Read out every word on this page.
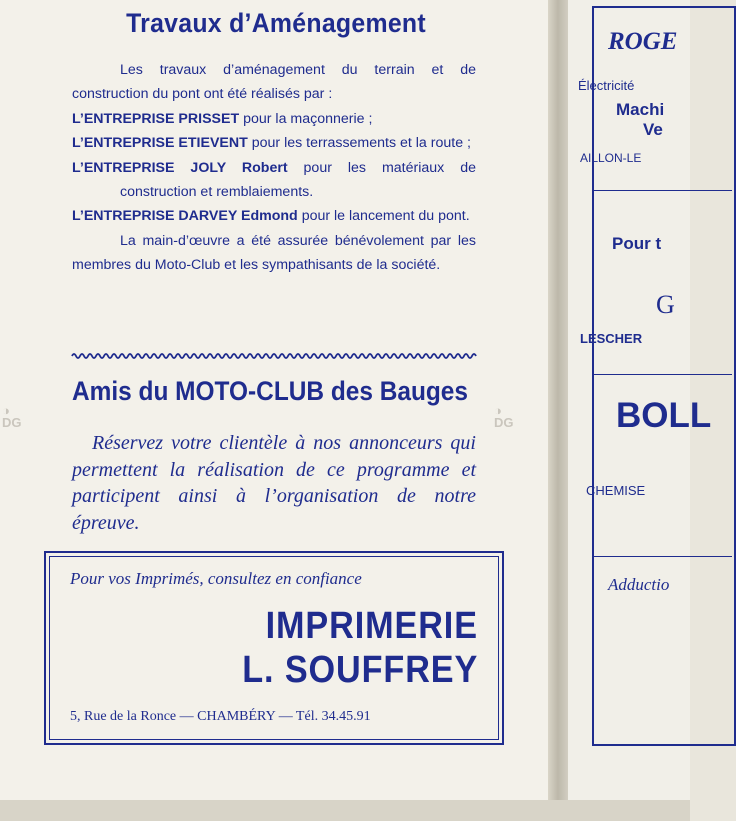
Travaux d’Aménagement

Les travaux d’aménagement du terrain et de construction du pont ont été réalisés par :

L’ENTREPRISE PRISSET pour la maçonnerie ;

L’ENTREPRISE ETIEVENT pour les terrassements et la route ;

L’ENTREPRISE JOLY Robert pour les matériaux de construction et remblaiements.

L’ENTREPRISE DARVEY Edmond pour le lancement du pont.

La main-d’œuvre a été assurée bénévolement par les membres du Moto-Club et les sympathisants de la société.

Amis du MOTO-CLUB des Bauges
Réservez votre clientèle à nos annonceurs qui permettent la réalisation de ce programme et participent ainsi à l’organisation de notre épreuve.
Pour vos Imprimés, consultez en confiance
IMPRIMERIE
L. SOUFFREY
5, Rue de la Ronce — CHAMBÉRY — Tél. 34.45.91
◑
DG
◑
DG
ROGE
Électricité
Machi
Ve
AILLON-LE
Pour t
G
LESCHER
BOLL
CHEMISE
Adductio
